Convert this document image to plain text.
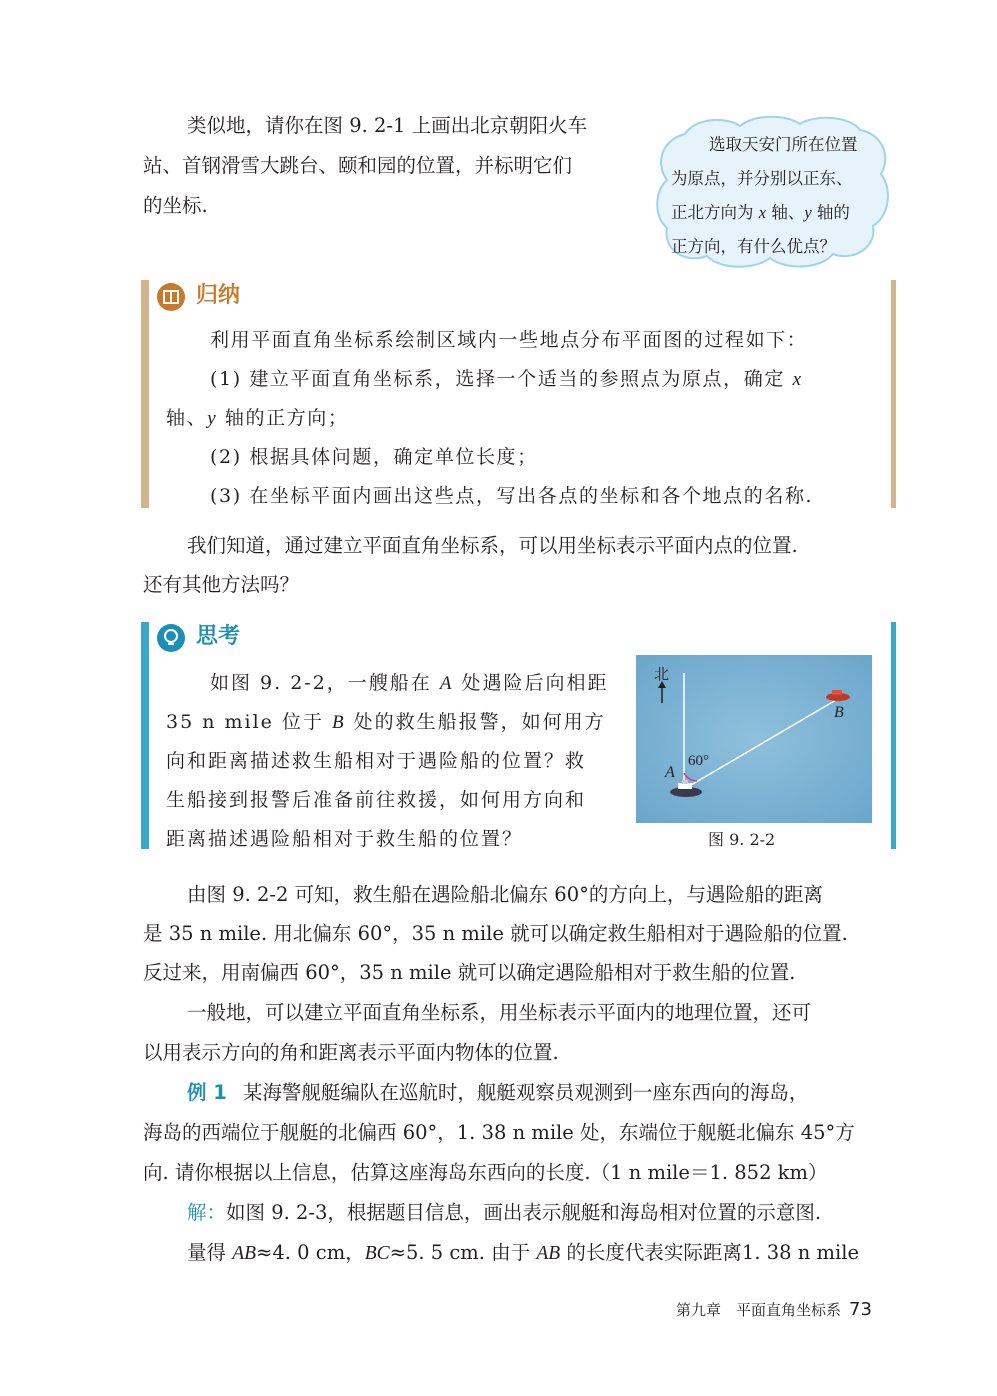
类似地，请你在图 9. 2-1 上画出北京朝阳火车
站、首钢滑雪大跳台、颐和园的位置，并标明它们
的坐标.
选取天安门所在位置
为原点，并分别以正东、
正北方向为 x 轴、y 轴的
正方向，有什么优点？
归纳
利用平面直角坐标系绘制区域内一些地点分布平面图的过程如下：
(1) 建立平面直角坐标系，选择一个适当的参照点为原点，确定 x
轴、y 轴的正方向；
(2) 根据具体问题，确定单位长度；
(3) 在坐标平面内画出这些点，写出各点的坐标和各个地点的名称.
我们知道，通过建立平面直角坐标系，可以用坐标表示平面内点的位置.
还有其他方法吗？
思考
如图 9. 2-2，一艘船在 A 处遇险后向相距
35 n mile 位于 B 处的救生船报警，如何用方
向和距离描述救生船相对于遇险船的位置？救
生船接到报警后准备前往救援，如何用方向和
距离描述遇险船相对于救生船的位置？
北
60°
A
B
图 9. 2-2
由图 9. 2-2 可知，救生船在遇险船北偏东 60°的方向上，与遇险船的距离
是 35 n mile. 用北偏东 60°，35 n mile 就可以确定救生船相对于遇险船的位置.
反过来，用南偏西 60°，35 n mile 就可以确定遇险船相对于救生船的位置.
一般地，可以建立平面直角坐标系，用坐标表示平面内的地理位置，还可
以用表示方向的角和距离表示平面内物体的位置.
例 1 某海警舰艇编队在巡航时，舰艇观察员观测到一座东西向的海岛，
海岛的西端位于舰艇的北偏西 60°，1. 38 n mile 处，东端位于舰艇北偏东 45°方
向. 请你根据以上信息，估算这座海岛东西向的长度.（1 n mile＝1. 852 km）
解：如图 9. 2-3，根据题目信息，画出表示舰艇和海岛相对位置的示意图.
量得 AB≈4. 0 cm，BC≈5. 5 cm. 由于 AB 的长度代表实际距离1. 38 n mile
第九章　平面直角坐标系 73
